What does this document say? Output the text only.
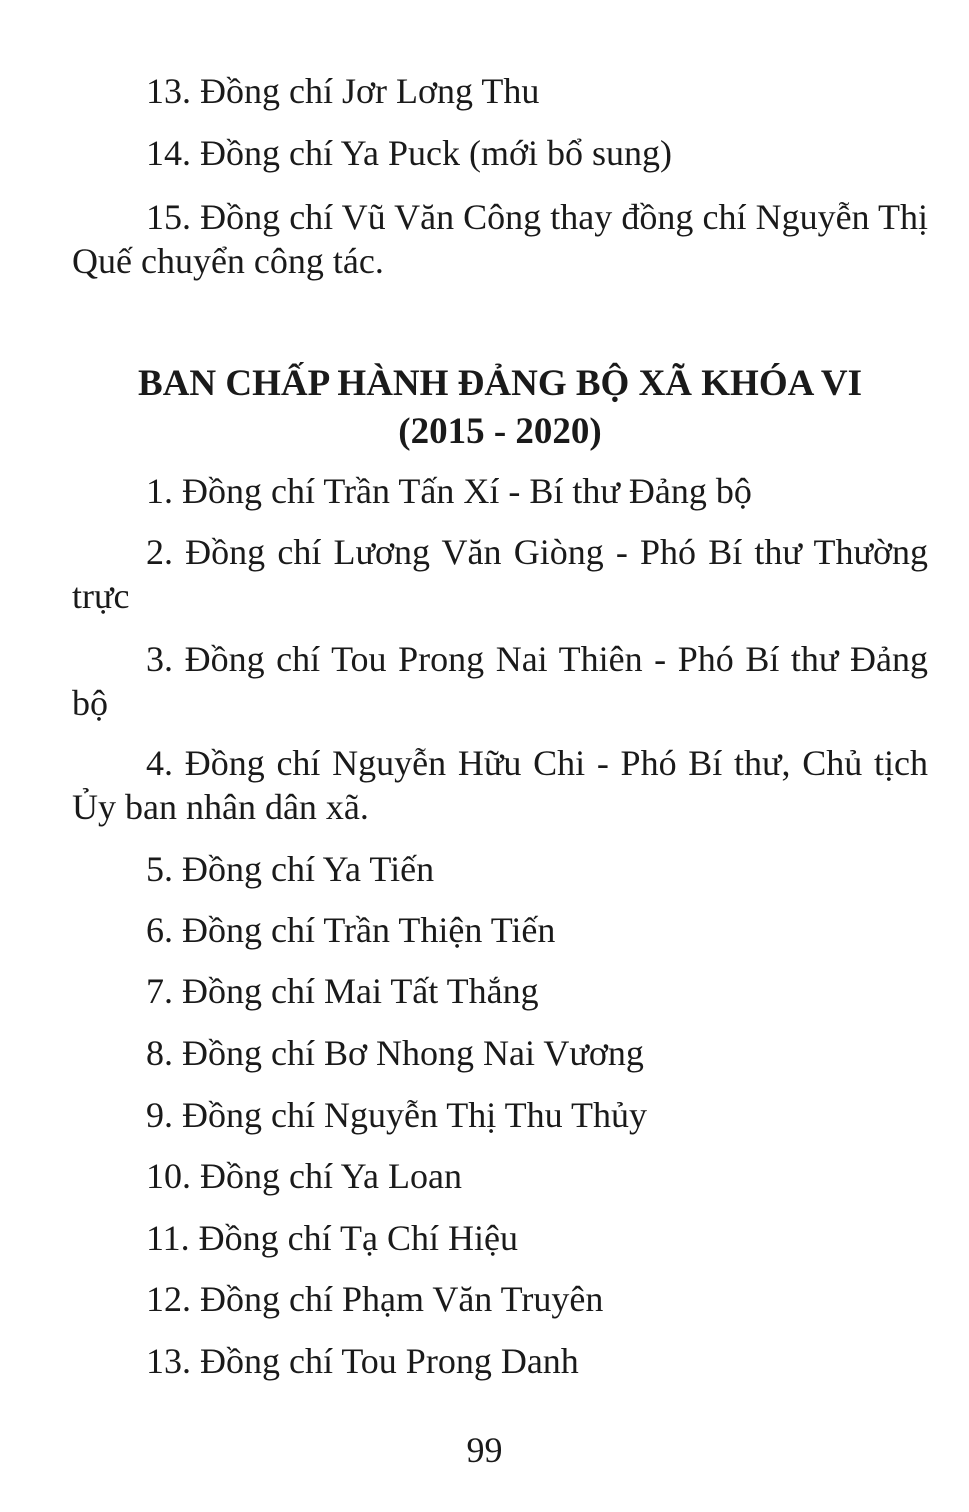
13. Đồng chí Jơr Lơng Thu

14. Đồng chí Ya Puck (mới bổ sung)

15. Đồng chí Vũ Văn Công thay đồng chí Nguyễn Thị Quế chuyển công tác.

BAN CHẤP HÀNH ĐẢNG BỘ XÃ KHÓA VI
(2015 - 2020)

1. Đồng chí Trần Tấn Xí - Bí thư Đảng bộ

2. Đồng chí Lương Văn Giòng - Phó Bí thư Thường trực

3. Đồng chí Tou Prong Nai Thiên - Phó Bí thư Đảng bộ

4. Đồng chí Nguyễn Hữu Chi - Phó Bí thư, Chủ tịch Ủy ban nhân dân xã.

5. Đồng chí Ya Tiến

6. Đồng chí Trần Thiện Tiến

7. Đồng chí Mai Tất Thắng

8. Đồng chí Bơ Nhong Nai Vương

9. Đồng chí Nguyễn Thị Thu Thủy

10. Đồng chí Ya Loan

11. Đồng chí Tạ Chí Hiệu

12. Đồng chí Phạm Văn Truyên

13. Đồng chí Tou Prong Danh

99
